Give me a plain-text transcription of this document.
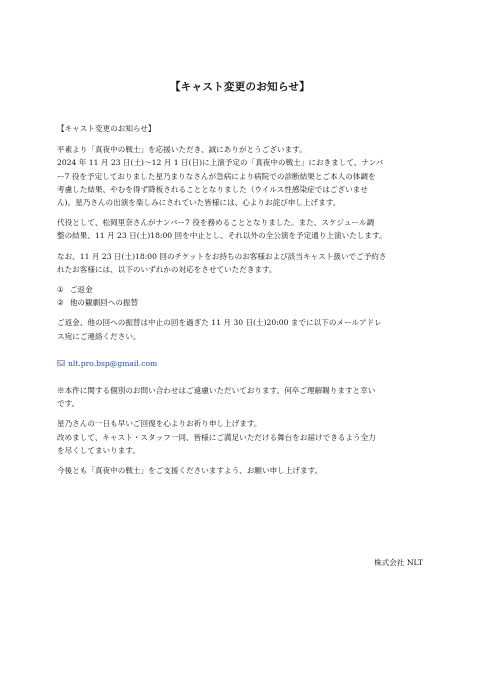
【キャスト変更のお知らせ】

【キャスト変更のお知らせ】

平素より「真夜中の戦士」を応援いただき、誠にありがとうございます。

2024 年 11 月 23 日(土)〜12 月 1 日(日)に上演予定の「真夜中の戦士」におきまして、ナンバ

ー7 役を予定しておりました星乃まりなさんが急病により病院での診断結果とご本人の体調を

考慮した結果、やむを得ず降板されることとなりました（ウイルス性感染症ではございませ

ん)。星乃さんの出演を楽しみにされていた皆様には、心よりお詫び申し上げます。

代役として、松岡里奈さんがナンバー7 役を務めることとなりました。また、スケジュール調

整の結果、11 月 23 日(土)18:00 回を中止とし、それ以外の全公演を予定通り上演いたします。

なお、11 月 23 日(土)18:00 回のチケットをお持ちのお客様および該当キャスト扱いでご予約さ

れたお客様には、以下のいずれかの対応をさせていただきます。

① ご返金
② 他の観劇回への振替

ご返金、他の回への振替は中止の回を過ぎた 11 月 30 日(土)20:00 までに以下のメールアドレ

ス宛にご連絡ください。

nlt.pro.bsp@gmail.com

※本件に関する個別のお問い合わせはご遠慮いただいております。何卒ご理解賜りますと幸い

です。

星乃さんの一日も早いご回復を心よりお祈り申し上げます。

改めまして、キャスト・スタッフ一同、皆様にご満足いただける舞台をお届けできるよう全力

を尽くしてまいります。

今後とも「真夜中の戦士」をご支援くださいますよう、お願い申し上げます。

株式会社 NLT
